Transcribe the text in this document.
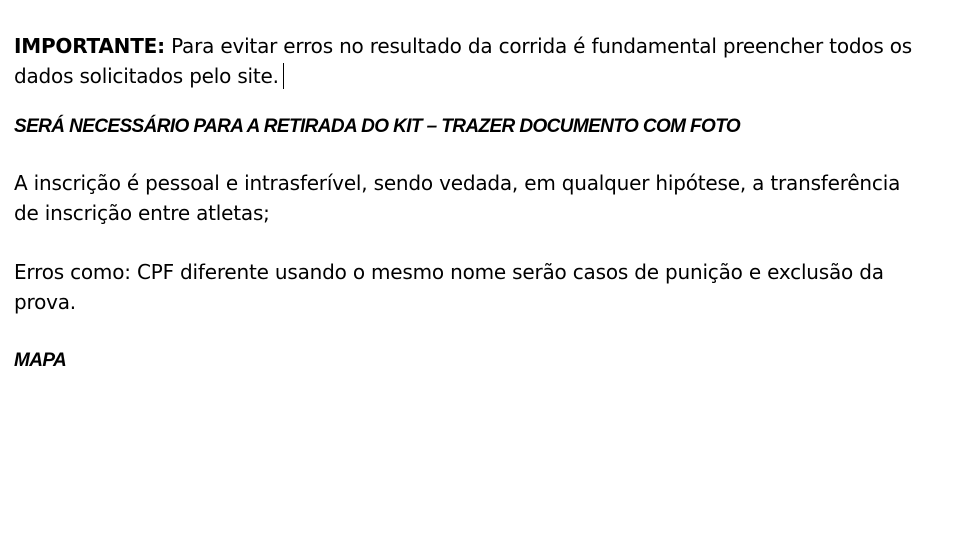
IMPORTANTE: Para evitar erros no resultado da corrida é fundamental preencher todos os dados solicitados pelo site.

SERÁ NECESSÁRIO PARA A RETIRADA DO KIT – TRAZER DOCUMENTO COM FOTO

A inscrição é pessoal e intrasferível, sendo vedada, em qualquer hipótese, a transferência de inscrição entre atletas;

Erros como: CPF diferente usando o mesmo nome serão casos de punição e exclusão da prova.

MAPA
